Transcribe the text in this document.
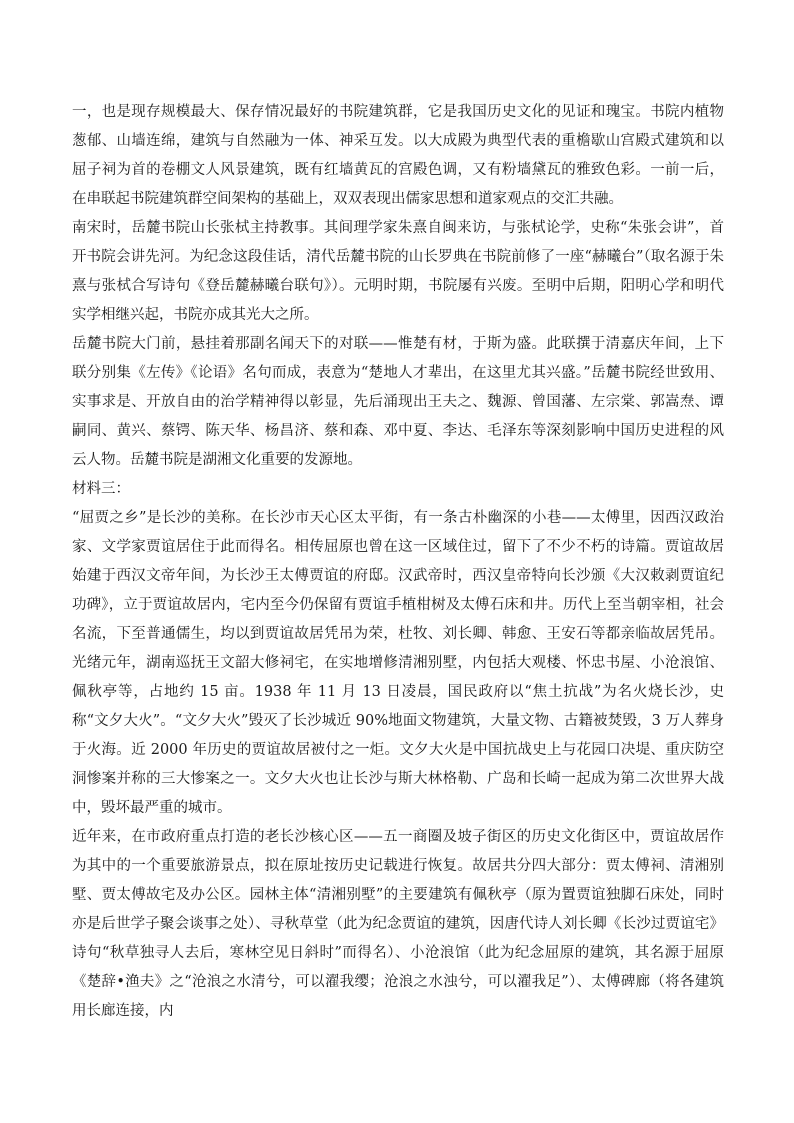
一，也是现存规模最大、保存情况最好的书院建筑群，它是我国历史文化的见证和瑰宝。书院内植物葱郁、山墙连绵，建筑与自然融为一体、神采互发。以大成殿为典型代表的重檐歇山宫殿式建筑和以屈子祠为首的卷棚文人风景建筑，既有红墙黄瓦的宫殿色调，又有粉墙黛瓦的雅致色彩。一前一后，在串联起书院建筑群空间架构的基础上，双双表现出儒家思想和道家观点的交汇共融。

南宋时，岳麓书院山长张栻主持教事。其间理学家朱熹自闽来访，与张栻论学，史称“朱张会讲”，首开书院会讲先河。为纪念这段佳话，清代岳麓书院的山长罗典在书院前修了一座“赫曦台”（取名源于朱熹与张栻合写诗句《登岳麓赫曦台联句》）。元明时期，书院屡有兴废。至明中后期，阳明心学和明代实学相继兴起，书院亦成其光大之所。

岳麓书院大门前，悬挂着那副名闻天下的对联——惟楚有材，于斯为盛。此联撰于清嘉庆年间，上下联分别集《左传》《论语》名句而成，表意为“楚地人才辈出，在这里尤其兴盛。”岳麓书院经世致用、实事求是、开放自由的治学精神得以彰显，先后涌现出王夫之、魏源、曾国藩、左宗棠、郭嵩焘、谭嗣同、黄兴、蔡锷、陈天华、杨昌济、蔡和森、邓中夏、李达、毛泽东等深刻影响中国历史进程的风云人物。岳麓书院是湖湘文化重要的发源地。

材料三：

“屈贾之乡”是长沙的美称。在长沙市天心区太平街，有一条古朴幽深的小巷——太傅里，因西汉政治家、文学家贾谊居住于此而得名。相传屈原也曾在这一区域住过，留下了不少不朽的诗篇。贾谊故居始建于西汉文帝年间，为长沙王太傅贾谊的府邸。汉武帝时，西汉皇帝特向长沙颁《大汉敕剥贾谊纪功碑》，立于贾谊故居内，宅内至今仍保留有贾谊手植柑树及太傅石床和井。历代上至当朝宰相，社会名流，下至普通儒生，均以到贾谊故居凭吊为荣，杜牧、刘长卿、韩愈、王安石等都亲临故居凭吊。光绪元年，湖南巡抚王文韶大修祠宅，在实地增修清湘别墅，内包括大观楼、怀忠书屋、小沧浪馆、佩秋亭等，占地约 15 亩。1938 年 11 月 13 日凌晨，国民政府以“焦土抗战”为名火烧长沙，史称“文夕大火”。“文夕大火”毁灭了长沙城近 90%地面文物建筑，大量文物、古籍被焚毁，3 万人葬身于火海。近 2000 年历史的贾谊故居被付之一炬。文夕大火是中国抗战史上与花园口决堤、重庆防空洞惨案并称的三大惨案之一。文夕大火也让长沙与斯大林格勒、广岛和长崎一起成为第二次世界大战中，毁坏最严重的城市。

近年来，在市政府重点打造的老长沙核心区——五一商圈及坡子街区的历史文化街区中，贾谊故居作为其中的一个重要旅游景点，拟在原址按历史记载进行恢复。故居共分四大部分：贾太傅祠、清湘别墅、贾太傅故宅及办公区。园林主体“清湘别墅”的主要建筑有佩秋亭（原为置贾谊独脚石床处，同时亦是后世学子聚会谈事之处）、寻秋草堂（此为纪念贾谊的建筑，因唐代诗人刘长卿《长沙过贾谊宅》诗句“秋草独寻人去后，寒林空见日斜时”而得名）、小沧浪馆（此为纪念屈原的建筑，其名源于屈原《楚辞•渔夫》之“沧浪之水清兮，可以濯我缨；沧浪之水浊兮，可以濯我足”）、太傅碑廊（将各建筑用长廊连接，内
